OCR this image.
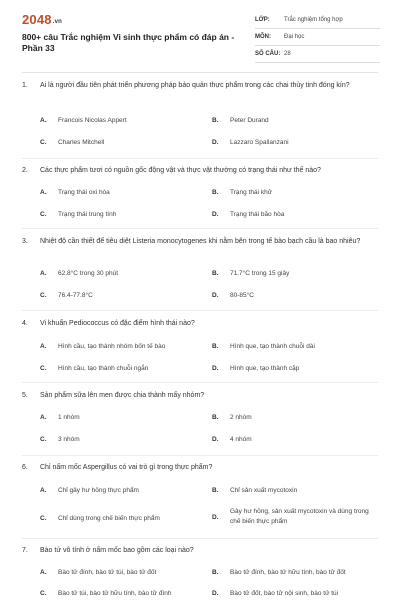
2048.vn
800+ câu Trắc nghiệm Vi sinh thực phẩm có đáp án - Phần 33
LỚP: Trắc nghiệm tổng hợp
MÔN: Đại học
SỐ CÂU: 28
1. Ai là người đầu tiên phát triển phương pháp bảo quản thực phẩm trong các chai thủy tinh đóng kín?
A.	Francois Nicolas Appert	B.	Peter Durand
C.	Charles Mitchell	D.	Lazzaro Spallanzani
2. Các thực phẩm tươi có nguồn gốc động vật và thực vật thường có trạng thái như thế nào?
A.	Trạng thái oxi hóa	B.	Trạng thái khử
C.	Trạng thái trung tính	D.	Trạng thái bão hòa
3. Nhiệt độ cần thiết để tiêu diệt Listeria monocytogenes khi nằm bên trong tế bào bạch cầu là bao nhiêu?
A.	62.8°C trong 30 phút	B.	71.7°C trong 15 giây
C.	76.4-77.8°C	D.	80-85°C
4. Vi khuẩn Pediococcus có đặc điểm hình thái nào?
A.	Hình cầu, tạo thành nhóm bốn tế bào	B.	Hình que, tạo thành chuỗi dài
C.	Hình cầu, tạo thành chuỗi ngắn	D.	Hình que, tạo thành cặp
5. Sản phẩm sữa lên men được chia thành mấy nhóm?
A.	1 nhóm	B.	2 nhóm
C.	3 nhóm	D.	4 nhóm
6. Chỉ nấm mốc Aspergillus có vai trò gì trong thực phẩm?
A.	Chỉ gây hư hỏng thực phẩm	B.	Chỉ sản xuất mycotoxin
C.	Chỉ dùng trong chế biến thực phẩm	D.
Gây hư hỏng, sản xuất mycotoxin và dùng trong chế biến thực phẩm
7. Bào tử vô tính ở nấm mốc bao gồm các loại nào?
A.	Bào tử đính, bào tử túi, bào tử đốt	B.	Bào tử đính, bào tử hữu tính, bào tử đốt
C.	Bào tử túi, bào tử hữu tính, bào tử đính	D.	Bào tử đốt, bào tử nội sinh, bào tử túi
